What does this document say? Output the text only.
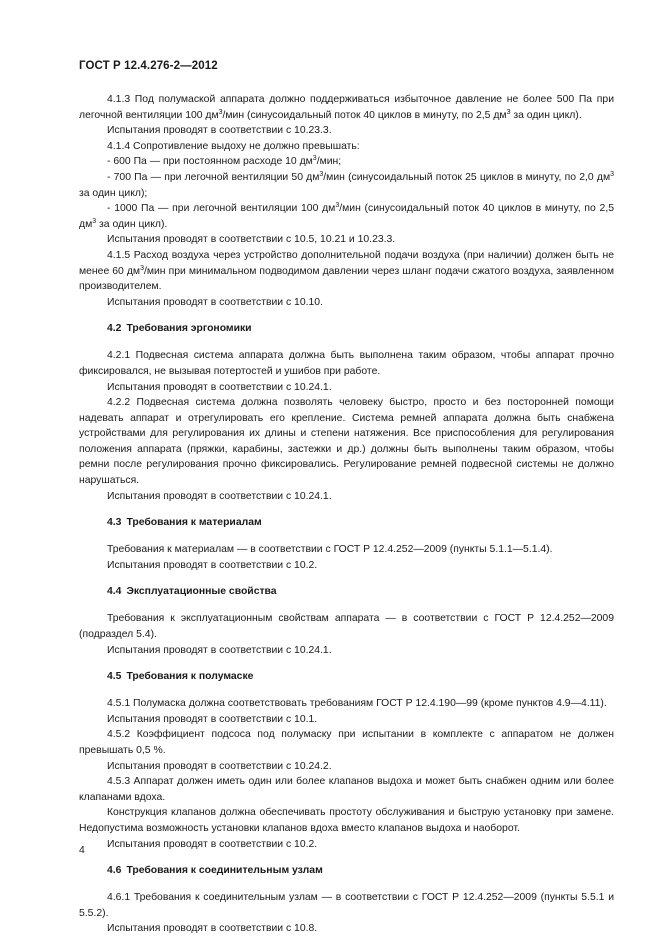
ГОСТ Р 12.4.276-2—2012

4.1.3 Под полумаской аппарата должно поддерживаться избыточное давление не более 500 Па при легочной вентиляции 100 $дм^3$/мин (синусоидальный поток 40 циклов в минуту, по 2,5 $дм^3$ за один цикл).

Испытания проводят в соответствии с 10.23.3.

4.1.4 Сопротивление выдоху не должно превышать:

- 600 Па — при постоянном расходе 10 $дм^3$/мин;

- 700 Па — при легочной вентиляции 50 $дм^3$/мин (синусоидальный поток 25 циклов в минуту, по 2,0 $дм^3$ за один цикл);

- 1000 Па — при легочной вентиляции 100 $дм^3$/мин (синусоидальный поток 40 циклов в минуту, по 2,5 $дм^3$ за один цикл).

Испытания проводят в соответствии с 10.5, 10.21 и 10.23.3.

4.1.5 Расход воздуха через устройство дополнительной подачи воздуха (при наличии) должен быть не менее 60 $дм^3$/мин при минимальном подводимом давлении через шланг подачи сжатого воздуха, заявленном производителем.

Испытания проводят в соответствии с 10.10.

4.2 Требования эргономики

4.2.1 Подвесная система аппарата должна быть выполнена таким образом, чтобы аппарат прочно фиксировался, не вызывая потертостей и ушибов при работе.

Испытания проводят в соответствии с 10.24.1.

4.2.2 Подвесная система должна позволять человеку быстро, просто и без посторонней помощи надевать аппарат и отрегулировать его крепление. Система ремней аппарата должна быть снабжена устройствами для регулирования их длины и степени натяжения. Все приспособления для регулирования положения аппарата (пряжки, карабины, застежки и др.) должны быть выполнены таким образом, чтобы ремни после регулирования прочно фиксировались. Регулирование ремней подвесной системы не должно нарушаться.

Испытания проводят в соответствии с 10.24.1.

4.3 Требования к материалам

Требования к материалам — в соответствии с ГОСТ Р 12.4.252—2009 (пункты 5.1.1—5.1.4).

Испытания проводят в соответствии с 10.2.

4.4 Эксплуатационные свойства

Требования к эксплуатационным свойствам аппарата — в соответствии с ГОСТ Р 12.4.252—2009 (подраздел 5.4).

Испытания проводят в соответствии с 10.24.1.

4.5 Требования к полумаске

4.5.1 Полумаска должна соответствовать требованиям ГОСТ Р 12.4.190—99 (кроме пунктов 4.9—4.11).

Испытания проводят в соответствии с 10.1.

4.5.2 Коэффициент подсоса под полумаску при испытании в комплекте с аппаратом не должен превышать 0,5 %.

Испытания проводят в соответствии с 10.24.2.

4.5.3 Аппарат должен иметь один или более клапанов выдоха и может быть снабжен одним или более клапанами вдоха.

Конструкция клапанов должна обеспечивать простоту обслуживания и быструю установку при замене. Недопустима возможность установки клапанов вдоха вместо клапанов выдоха и наоборот.

Испытания проводят в соответствии с 10.2.

4.6 Требования к соединительным узлам

4.6.1 Требования к соединительным узлам — в соответствии с ГОСТ Р 12.4.252—2009 (пункты 5.5.1 и 5.5.2).

Испытания проводят в соответствии с 10.8.

4
